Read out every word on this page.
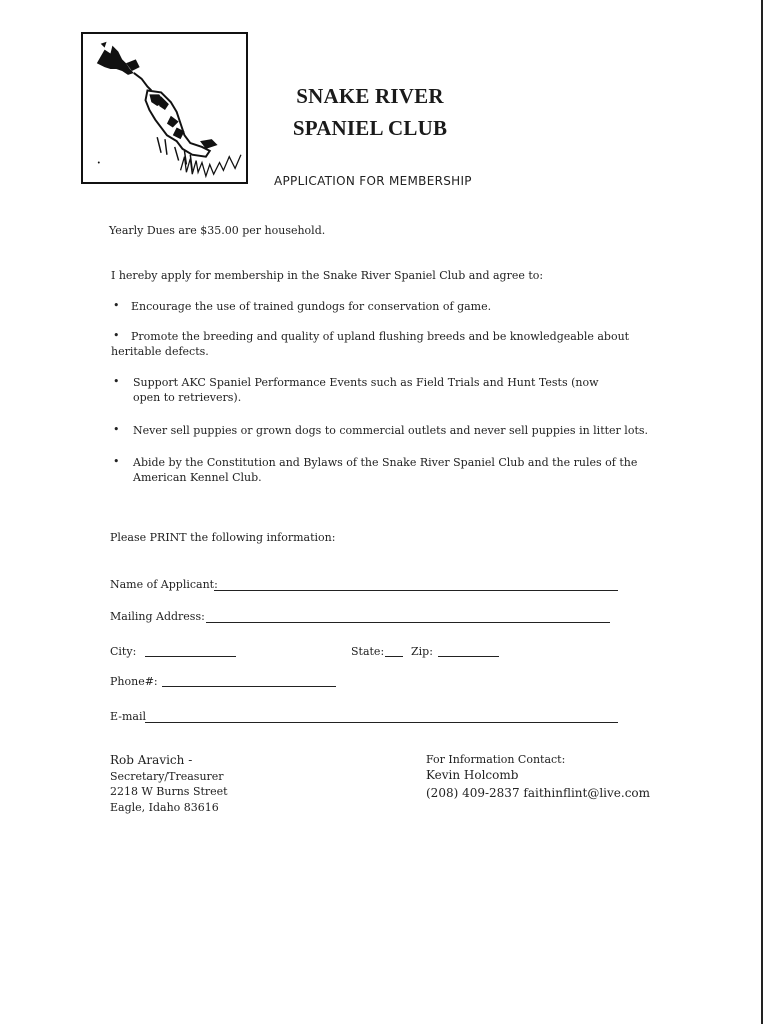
SNAKE RIVER
SPANIEL CLUB
APPLICATION FOR MEMBERSHIP
Yearly Dues are $35.00 per household.
I hereby apply for membership in the Snake River Spaniel Club and agree to:
• Encourage the use of trained gundogs for conservation of game.
•	Promote the breeding and quality of upland flushing breeds and be knowledgeable about heritable defects.
• Support AKC Spaniel Performance Events such as Field Trials and Hunt Tests (now open to retrievers).
• Never sell puppies or grown dogs to commercial outlets and never sell puppies in litter lots.
• Abide by the Constitution and Bylaws of the Snake River Spaniel Club and the rules of the American Kennel Club.
Please PRINT the following information:
Name of Applicant:
Mailing Address:
City:	State: Zip:
Phone#:
E-mail
Rob Aravich -
Secretary/Treasurer
2218 W Burns Street
Eagle, Idaho 83616
For Information Contact:
Kevin Holcomb
(208) 409-2837 faithinflint@live.com
